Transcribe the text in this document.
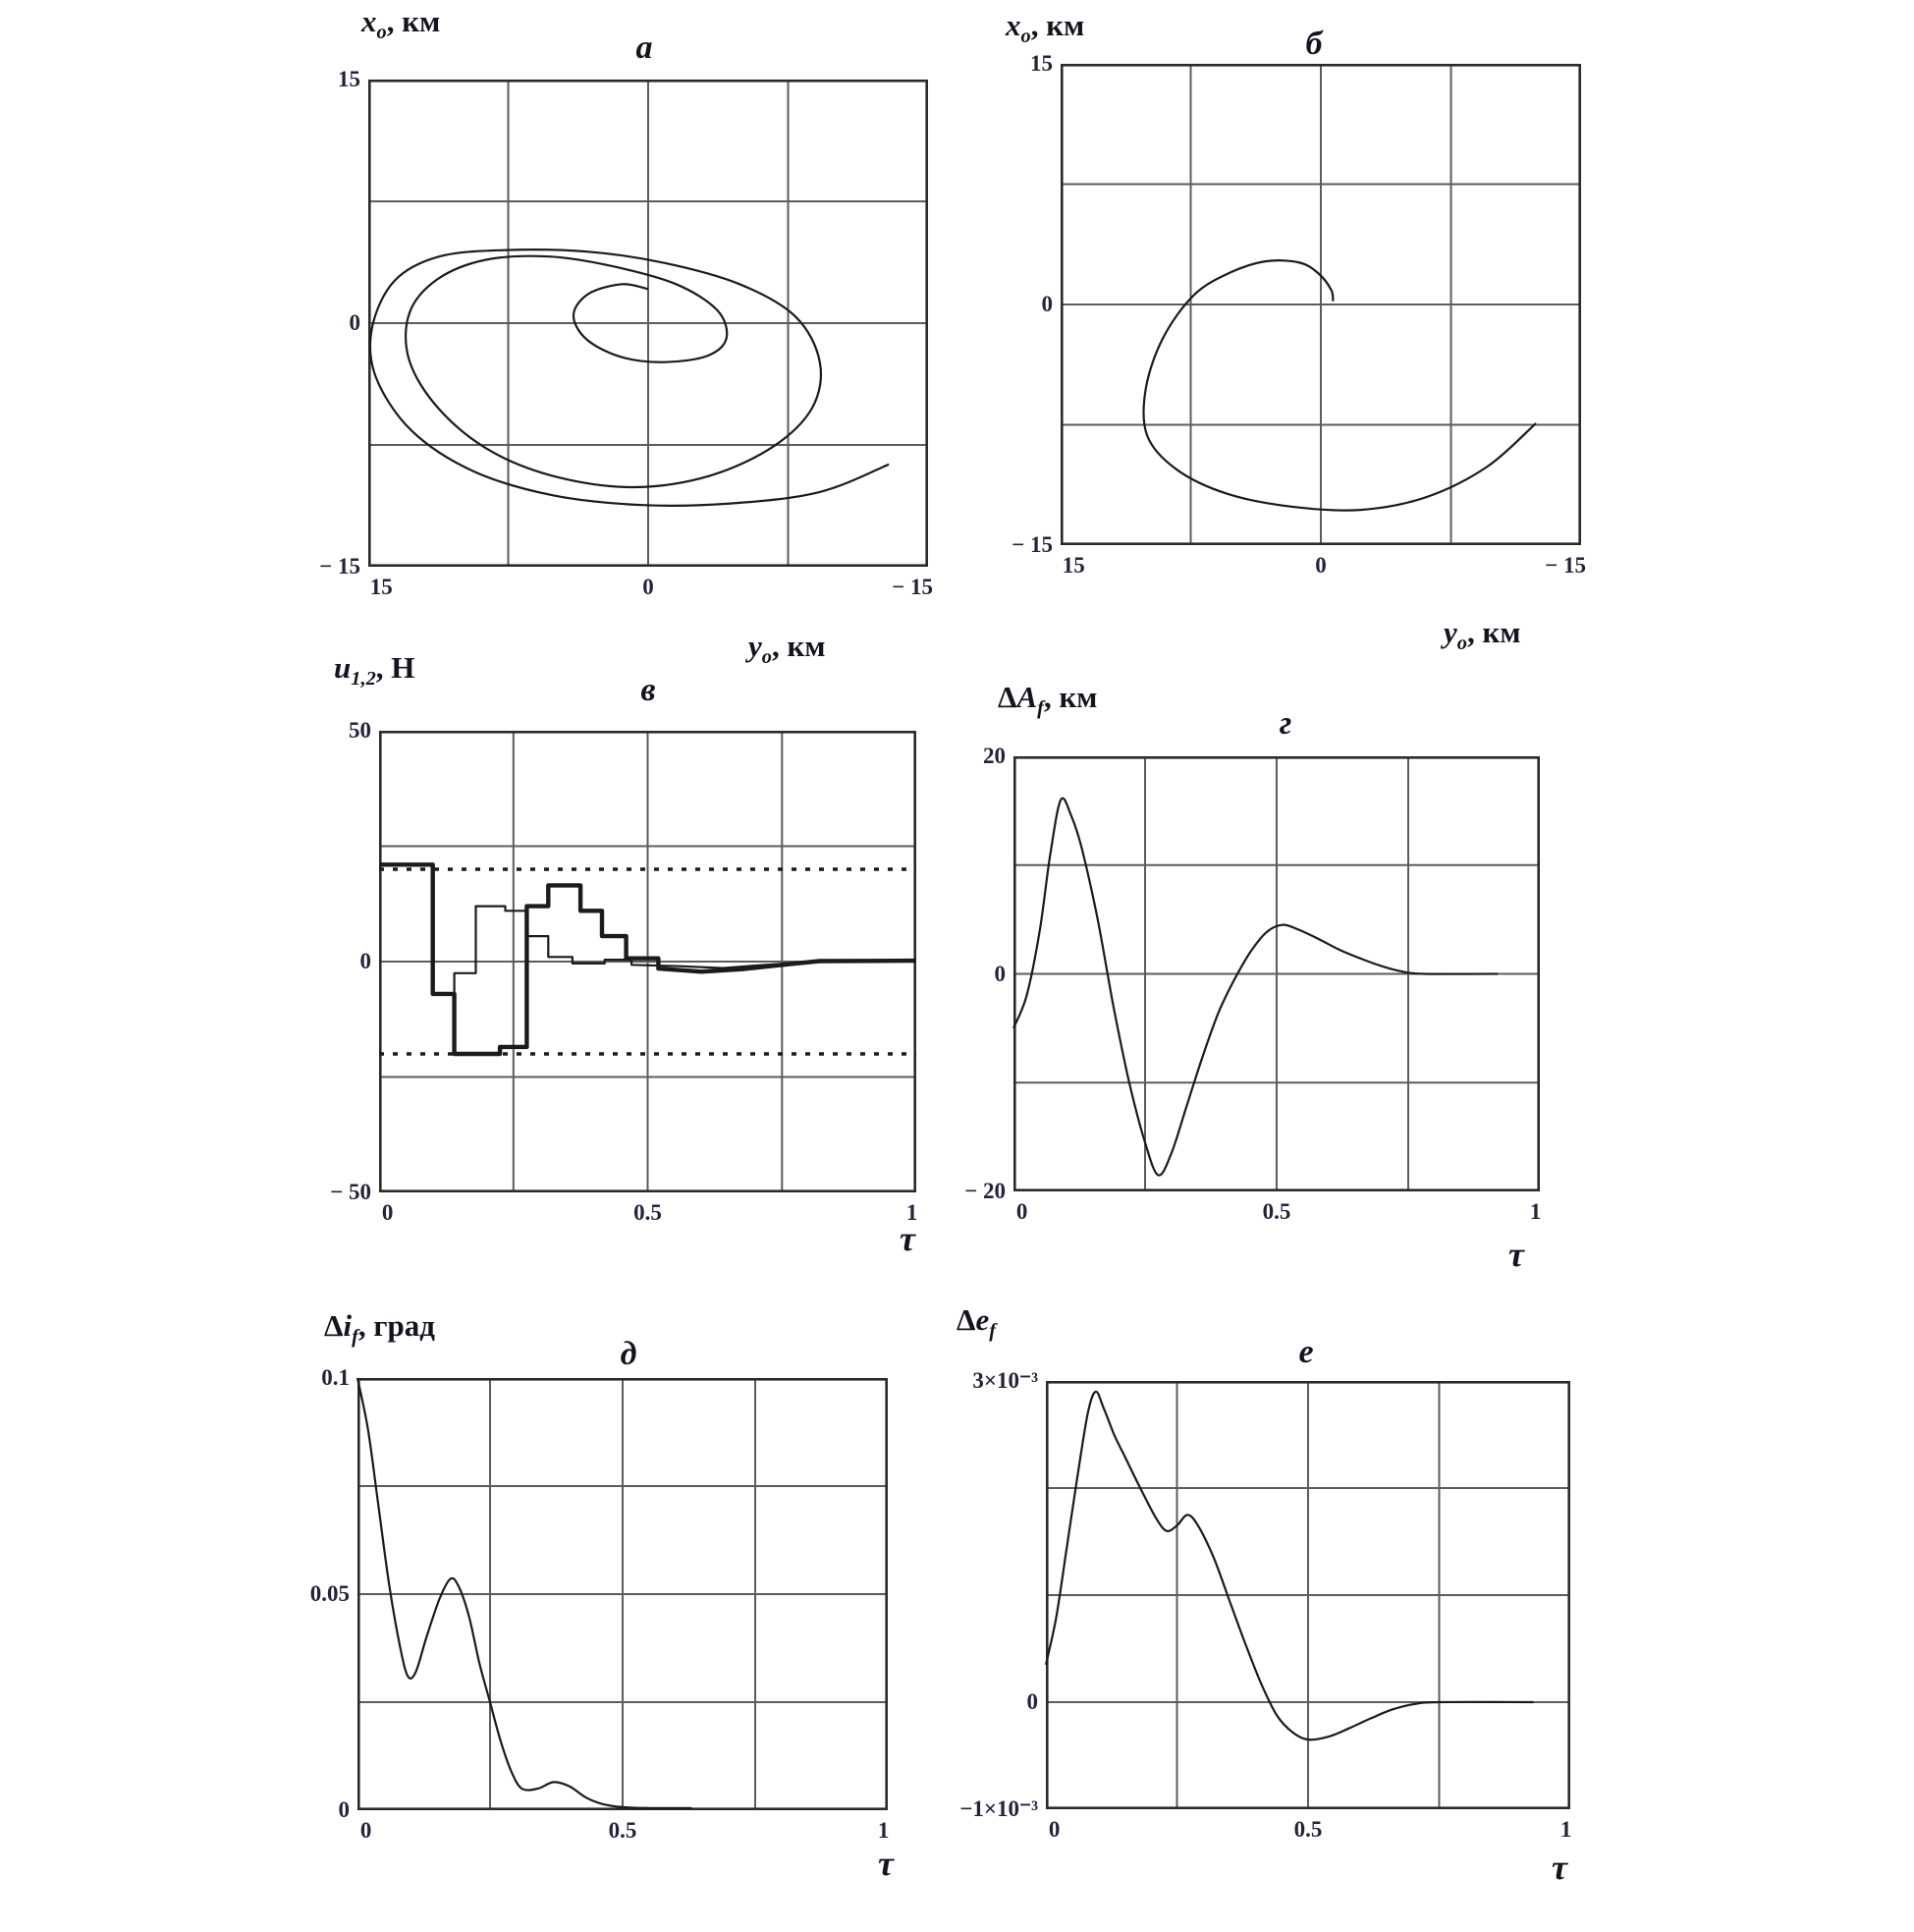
15
0
− 15
15	0	− 15
а
$x_o$, км
$y_o$, км
15
0
− 15
15	0	− 15
б
$x_o$, км
$y_o$, км
50
0
− 50
0	0.5	1
в
$u_{1,2}$, Н
τ
20
0
− 20
0	0.5	1
г
$\Delta A_f$, км
τ
0.1
0.05
0
0	0.5	1
д
$\Delta i_f$, град
τ
3×10⁻³
0
−1×10⁻³
0	0.5	1
е
$\Delta e_f$
τ
